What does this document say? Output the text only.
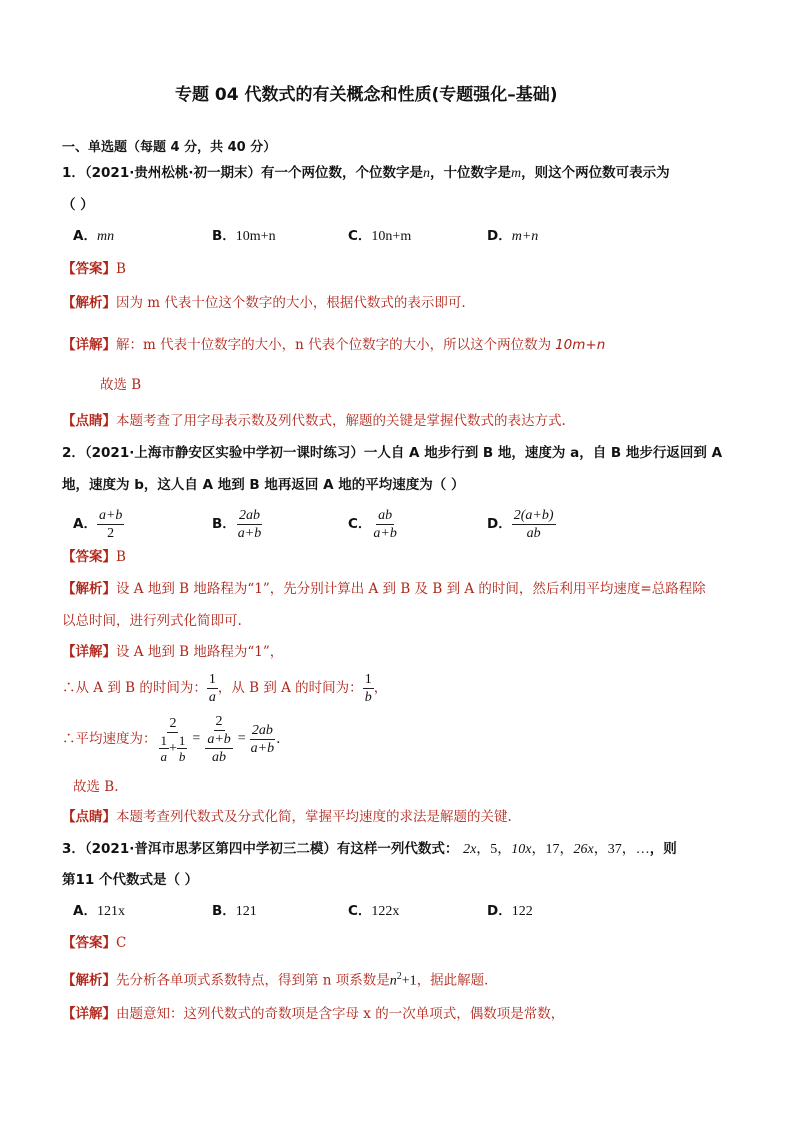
专题 04 代数式的有关概念和性质(专题强化–基础)
一、单选题（每题 4 分，共 40 分）
1．（2021·贵州松桃·初一期末）有一个两位数，个位数字是n，十位数字是m，则这个两位数可表示为
（ ）
A．mn	B．10m+n	C．10n+m	D．m+n
【答案】B
【解析】因为 m 代表十位这个数字的大小，根据代数式的表示即可.
【详解】解：m 代表十位数字的大小，n 代表个位数字的大小，所以这个两位数为 10m+n
故选 B
【点睛】本题考查了用字母表示数及列代数式，解题的关键是掌握代数式的表达方式.
2．（2021·上海市静安区实验中学初一课时练习）一人自 A 地步行到 B 地，速度为 a，自 B 地步行返回到 A
地，速度为 b，这人自 A 地到 B 地再返回 A 地的平均速度为（ ）
A． $\frac{a+b}{2}$	B． $\frac{2ab}{a+b}$	C． $\frac{ab}{a+b}$	D． $\frac{2(a+b)}{ab}$
【答案】B
【解析】设 A 地到 B 地路程为“1”，先分别计算出 A 到 B 及 B 到 A 的时间，然后利用平均速度=总路程除
以总时间，进行列式化简即可.
【详解】设 A 地到 B 地路程为“1”，
∴从 A 到 B 的时间为： $\frac{1}{a}$ ，从 B 到 A 的时间为： $\frac{1}{b}$ ，
∴平均速度为： $\frac{2}{\frac{1}{a} + \frac{1}{b}} = 2$
a+b
ab = $\frac{2ab}{a+b}$ .
故选 B.
【点睛】本题考查列代数式及分式化简，掌握平均速度的求法是解题的关键.
3．（2021·普洱市思茅区第四中学初三二模）有这样一列代数式： 2x，5，10x，17，26x，37，…，则
第11 个代数式是（ ）
A．121x	B．121	C．122x	D．122
【答案】C
【解析】先分析各单项式系数特点，得到第 n 项系数是$n^2+1$，据此解题．
【详解】由题意知：这列代数式的奇数项是含字母 x 的一次单项式，偶数项是常数，
